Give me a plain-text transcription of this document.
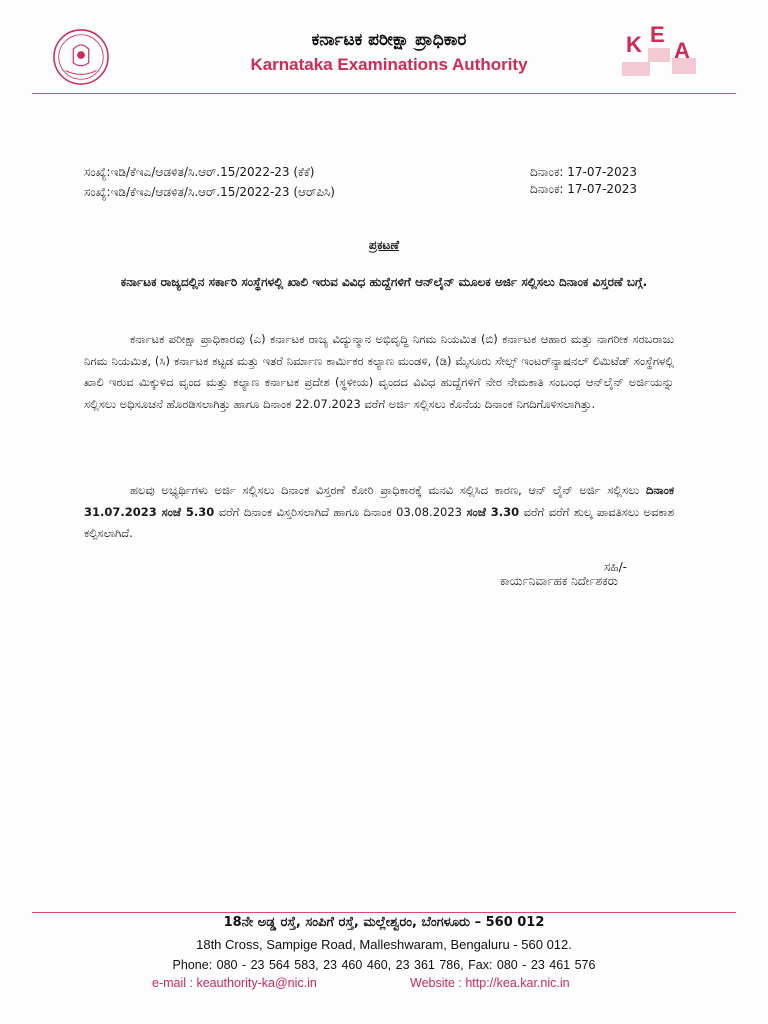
ಕರ್ನಾಟಕ ಪರೀಕ್ಷಾ ಪ್ರಾಧಿಕಾರ
Karnataka Examinations Authority
K E
A
ಸಂಖ್ಯೆ:ಇಡಿ/ಕೆಇಎ/ಆಡಳಿತ/ಸಿ.ಆರ್.15/2022-23 (ಕೆಕೆ)	ದಿನಾಂಕ: 17-07-2023
ಸಂಖ್ಯೆ:ಇಡಿ/ಕೆಇಎ/ಆಡಳಿತ/ಸಿ.ಆರ್.15/2022-23 (ಆರ್‌ಪಿಸಿ)	ದಿನಾಂಕ: 17-07-2023
ಪ್ರಕಟಣೆ
ಕರ್ನಾಟಕ ರಾಜ್ಯದಲ್ಲಿನ ಸರ್ಕಾರಿ ಸಂಸ್ಥೆಗಳಲ್ಲಿ ಖಾಲಿ ಇರುವ ವಿವಿಧ ಹುದ್ದೆಗಳಿಗೆ ಆನ್‌ಲೈನ್ ಮೂಲಕ ಅರ್ಜಿ ಸಲ್ಲಿಸಲು ದಿನಾಂಕ ವಿಸ್ತರಣೆ ಬಗ್ಗೆ.
ಕರ್ನಾಟಕ ಪರೀಕ್ಷಾ ಪ್ರಾಧಿಕಾರವು (ಎ) ಕರ್ನಾಟಕ ರಾಜ್ಯ ವಿದ್ಯುನ್ಮಾನ ಅಭಿವೃದ್ಧಿ ನಿಗಮ ನಿಯಮಿತ (ಬಿ) ಕರ್ನಾಟಕ ಆಹಾರ ಮತ್ತು ನಾಗರೀಕ ಸರಬರಾಜು ನಿಗಮ ನಿಯಮಿತ, (ಸಿ) ಕರ್ನಾಟಕ ಕಟ್ಟಡ ಮತ್ತು ಇತರೆ ನಿರ್ಮಾಣ ಕಾರ್ಮಿಕರ ಕಲ್ಯಾಣ ಮಂಡಳಿ, (ಡಿ) ಮೈಸೂರು ಸೇಲ್ಸ್ ಇಂಟರ್‌ನ್ಯಾಷನಲ್ ಲಿಮಿಟೆಡ್ ಸಂಸ್ಥೆಗಳಲ್ಲಿ ಖಾಲಿ ಇರುವ ಮಿಕ್ಕುಳಿದ ವೃಂದ ಮತ್ತು ಕಲ್ಯಾಣ ಕರ್ನಾಟಕ ಪ್ರದೇಶ (ಸ್ಥಳೀಯ) ವೃಂದದ ವಿವಿಧ ಹುದ್ದೆಗಳಿಗೆ ನೇರ ನೇಮಕಾತಿ ಸಂಬಂಧ ಆನ್‌ಲೈನ್ ಅರ್ಜಿಯನ್ನು ಸಲ್ಲಿಸಲು ಅಧಿಸೂಚನೆ ಹೊರಡಿಸಲಾಗಿತ್ತು ಹಾಗೂ ದಿನಾಂಕ 22.07.2023 ವರೆಗೆ ಅರ್ಜಿ ಸಲ್ಲಿಸಲು ಕೊನೆಯ ದಿನಾಂಕ ನಿಗದಿಗೊಳಿಸಲಾಗಿತ್ತು.
ಹಲವು ಅಭ್ಯರ್ಥಿಗಳು ಅರ್ಜಿ ಸಲ್ಲಿಸಲು ದಿನಾಂಕ ವಿಸ್ತರಣೆ ಕೋರಿ ಪ್ರಾಧಿಕಾರಕ್ಕೆ ಮನವಿ ಸಲ್ಲಿಸಿದ ಕಾರಣ, ಆನ್ ಲೈನ್ ಅರ್ಜಿ ಸಲ್ಲಿಸಲು ದಿನಾಂಕ 31.07.2023 ಸಂಜೆ 5.30 ವರೆಗೆ ದಿನಾಂಕ ವಿಸ್ತರಿಸಲಾಗಿದೆ ಹಾಗೂ ದಿನಾಂಕ 03.08.2023 ಸಂಜೆ 3.30 ವರೆಗೆ ವರೆಗೆ ಶುಲ್ಕ ಪಾವತಿಸಲು ಅವಕಾಶ ಕಲ್ಪಿಸಲಾಗಿದೆ.
ಸಹಿ/-
ಕಾರ್ಯನಿರ್ವಾಹಕ ನಿರ್ದೇಶಕರು
18ನೇ ಅಡ್ಡ ರಸ್ತೆ, ಸಂಪಿಗೆ ರಸ್ತೆ, ಮಲ್ಲೇಶ್ವರಂ, ಬೆಂಗಳೂರು – 560 012
18th Cross, Sampige Road, Malleshwaram, Bengaluru - 560 012.
Phone: 080 - 23 564 583, 23 460 460, 23 361 786, Fax: 080 - 23 461 576
e-mail : keauthority-ka@nic.in	Website : http://kea.kar.nic.in
